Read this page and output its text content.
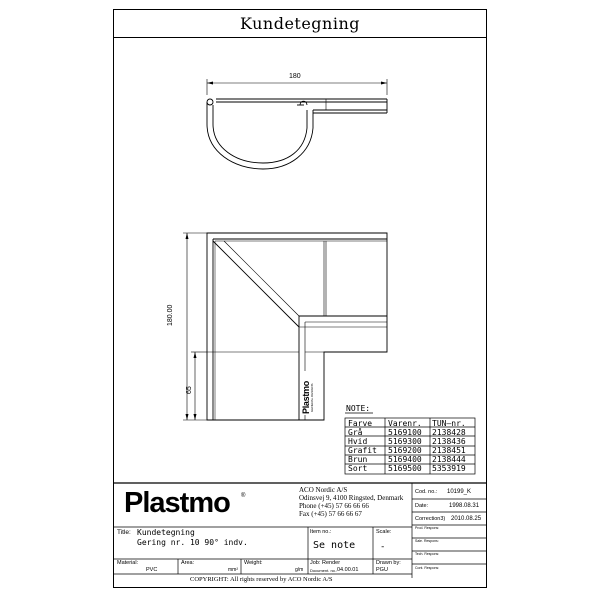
Kundetegning
180
180.00
65	Plastmo GENERAL DESIGNS	NOTE:
Farve Varenr. TUN–nr.
Grå	5169100 2138428
Hvid	5169300 2138436
Grafit 5169200 2138451
Brun	5169400 2138444
Sort	5169500 5353919
Plastmo ®
ACO Nordic A/S
Odinsvej 9, 4100 Ringsted, Denmark
Phone (+45) 57 66 66 66
Fax (+45) 57 66 66 67
Cod. no.: 10199_K
Date:	1998.08.31
Correction3) 2010.08.25
Prod. Respons:
Sale. Respons:
Tech. Respons:
Cont. Respons:
Title: Kundetegning
Gering nr. 10 90° indv.
Item no.:
Se note
Scale:
-
Material:
PVC
Area:
mm²
Weight:
g/m
Job: Render
Document. no.: 04.00.01
Drawn by:
PGU
COPYRIGHT: All rights reserved by ACO Nordic A/S
